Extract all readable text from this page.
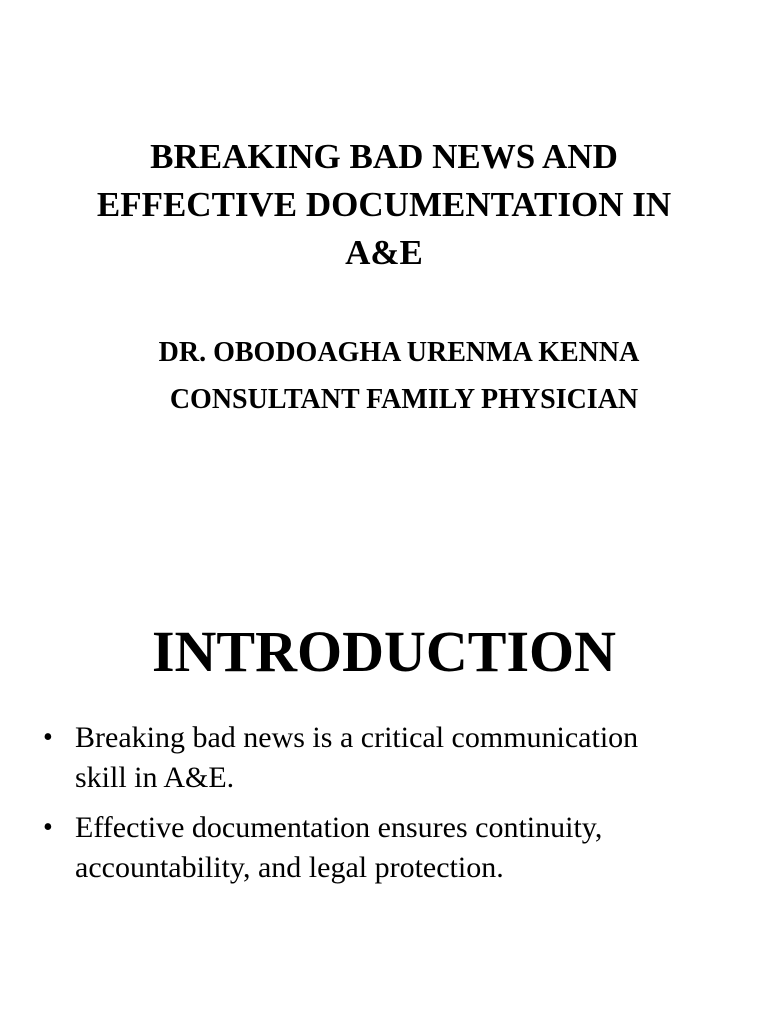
BREAKING BAD NEWS AND
EFFECTIVE DOCUMENTATION IN
A&E
DR. OBODOAGHA URENMA KENNA
CONSULTANT FAMILY PHYSICIAN
INTRODUCTION
• Breaking bad news is a critical communication
skill in A&E.
• Effective documentation ensures continuity,
accountability, and legal protection.
